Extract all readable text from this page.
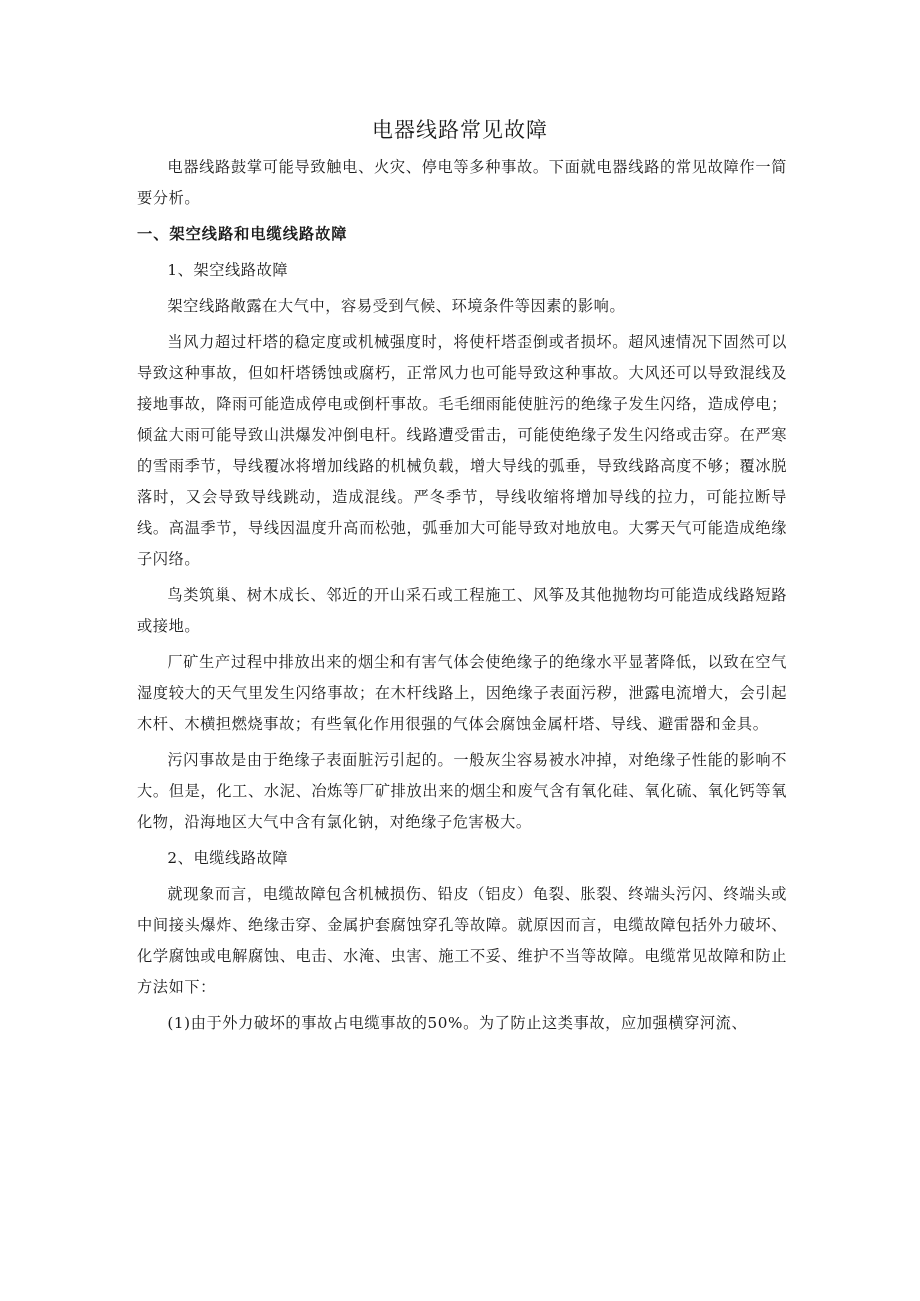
电器线路常见故障

电器线路鼓掌可能导致触电、火灾、停电等多种事故。下面就电器线路的常见故障作一简要分析。

一、架空线路和电缆线路故障

1、架空线路故障

架空线路敞露在大气中，容易受到气候、环境条件等因素的影响。

当风力超过杆塔的稳定度或机械强度时，将使杆塔歪倒或者损坏。超风速情况下固然可以导致这种事故，但如杆塔锈蚀或腐朽，正常风力也可能导致这种事故。大风还可以导致混线及接地事故，降雨可能造成停电或倒杆事故。毛毛细雨能使脏污的绝缘子发生闪络，造成停电；倾盆大雨可能导致山洪爆发冲倒电杆。线路遭受雷击，可能使绝缘子发生闪络或击穿。在严寒的雪雨季节，导线覆冰将增加线路的机械负载，增大导线的弧垂，导致线路高度不够；覆冰脱落时，又会导致导线跳动，造成混线。严冬季节，导线收缩将增加导线的拉力，可能拉断导线。高温季节，导线因温度升高而松弛，弧垂加大可能导致对地放电。大雾天气可能造成绝缘子闪络。

鸟类筑巢、树木成长、邻近的开山采石或工程施工、风筝及其他抛物均可能造成线路短路或接地。

厂矿生产过程中排放出来的烟尘和有害气体会使绝缘子的绝缘水平显著降低，以致在空气湿度较大的天气里发生闪络事故；在木杆线路上，因绝缘子表面污秽，泄露电流增大，会引起木杆、木横担燃烧事故；有些氧化作用很强的气体会腐蚀金属杆塔、导线、避雷器和金具。

污闪事故是由于绝缘子表面脏污引起的。一般灰尘容易被水冲掉，对绝缘子性能的影响不大。但是，化工、水泥、冶炼等厂矿排放出来的烟尘和废气含有氧化硅、氧化硫、氧化钙等氧化物，沿海地区大气中含有氯化钠，对绝缘子危害极大。

2、电缆线路故障

就现象而言，电缆故障包含机械损伤、铅皮（铝皮）龟裂、胀裂、终端头污闪、终端头或中间接头爆炸、绝缘击穿、金属护套腐蚀穿孔等故障。就原因而言，电缆故障包括外力破坏、化学腐蚀或电解腐蚀、电击、水淹、虫害、施工不妥、维护不当等故障。电缆常见故障和防止方法如下：

(1)由于外力破坏的事故占电缆事故的50%。为了防止这类事故，应加强横穿河流、
